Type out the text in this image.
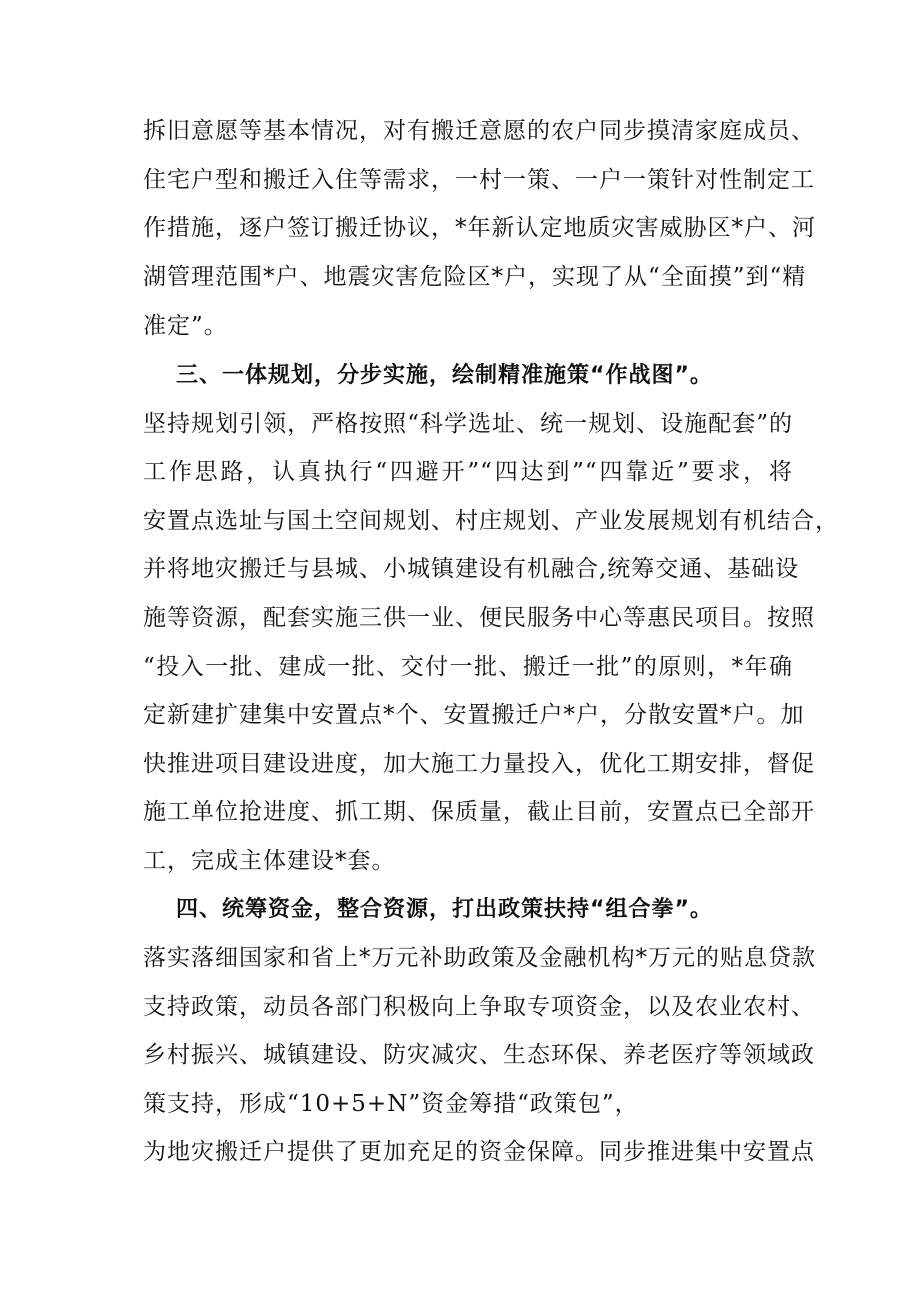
拆旧意愿等基本情况，对有搬迁意愿的农户同步摸清家庭成员、
住宅户型和搬迁入住等需求，一村一策、一户一策针对性制定工
作措施，逐户签订搬迁协议，*年新认定地质灾害威胁区*户、河
湖管理范围*户、地震灾害危险区*户，实现了从“全面摸”到“精
准定”。
三、一体规划，分步实施，绘制精准施策“作战图”。
坚持规划引领，严格按照“科学选址、统一规划、设施配套”的
工作思路，认真执行“四避开”“四达到”“四靠近”要求，将
安置点选址与国土空间规划、村庄规划、产业发展规划有机结合，
并将地灾搬迁与县城、小城镇建设有机融合,统筹交通、基础设
施等资源，配套实施三供一业、便民服务中心等惠民项目。按照
“投入一批、建成一批、交付一批、搬迁一批”的原则，*年确
定新建扩建集中安置点*个、安置搬迁户*户，分散安置*户。加
快推进项目建设进度，加大施工力量投入，优化工期安排，督促
施工单位抢进度、抓工期、保质量，截止目前，安置点已全部开
工，完成主体建设*套。
四、统筹资金，整合资源，打出政策扶持“组合拳”。
落实落细国家和省上*万元补助政策及金融机构*万元的贴息贷款
支持政策，动员各部门积极向上争取专项资金，以及农业农村、
乡村振兴、城镇建设、防灾减灾、生态环保、养老医疗等领域政
策支持，形成“10+5+N”资金筹措“政策包”，
为地灾搬迁户提供了更加充足的资金保障。同步推进集中安置点
